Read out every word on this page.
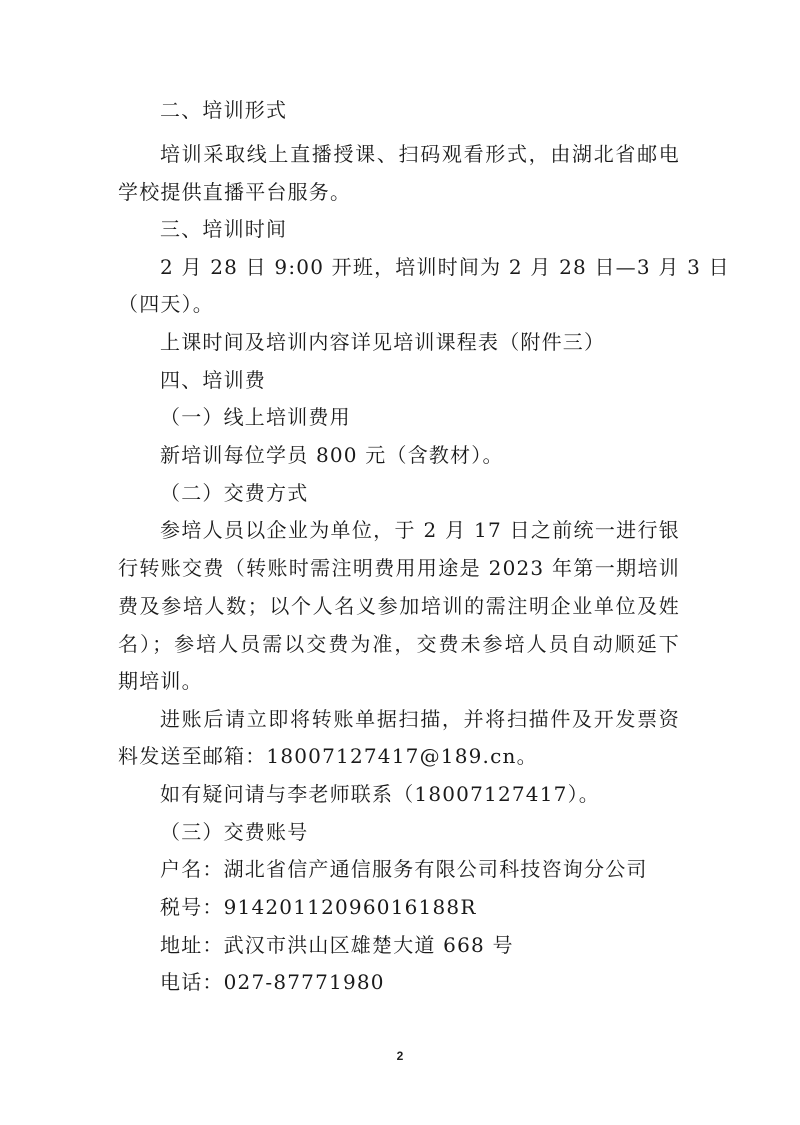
二、培训形式
培训采取线上直播授课、扫码观看形式，由湖北省邮电
学校提供直播平台服务。
三、培训时间
2 月 28 日 9:00 开班，培训时间为 2 月 28 日—3 月 3 日
（四天）。
上课时间及培训内容详见培训课程表（附件三）
四、培训费
（一）线上培训费用
新培训每位学员 800 元（含教材）。
（二）交费方式
参培人员以企业为单位，于 2 月 17 日之前统一进行银
行转账交费（转账时需注明费用用途是 2023 年第一期培训
费及参培人数；以个人名义参加培训的需注明企业单位及姓
名）；参培人员需以交费为准，交费未参培人员自动顺延下
期培训。
进账后请立即将转账单据扫描，并将扫描件及开发票资
料发送至邮箱：18007127417@189.cn。
如有疑问请与李老师联系（18007127417）。
（三）交费账号
户名：湖北省信产通信服务有限公司科技咨询分公司
税号：91420112096016188R
地址：武汉市洪山区雄楚大道 668 号
电话：027-87771980
2
